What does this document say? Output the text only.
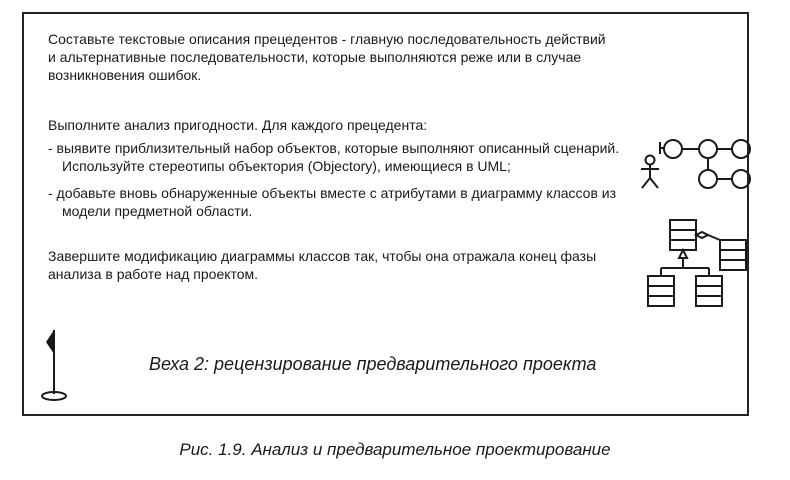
Составьте текстовые описания прецедентов - главную последовательность действий и альтернативные последовательности, которые выполняются реже или в случае возникновения ошибок.

Выполните анализ пригодности. Для каждого прецедента:

- выявите приблизительный набор объектов, которые выполняют описанный сценарий. Используйте стереотипы объектория (Objectory), имеющиеся в UML;

- добавьте вновь обнаруженные объекты вместе с атрибутами в диаграмму классов из модели предметной области.

Завершите модификацию диаграммы классов так, чтобы она отражала конец фазы анализа в работе над проектом.

Веха 2: рецензирование предварительного проекта

Рис. 1.9. Анализ и предварительное проектирование
